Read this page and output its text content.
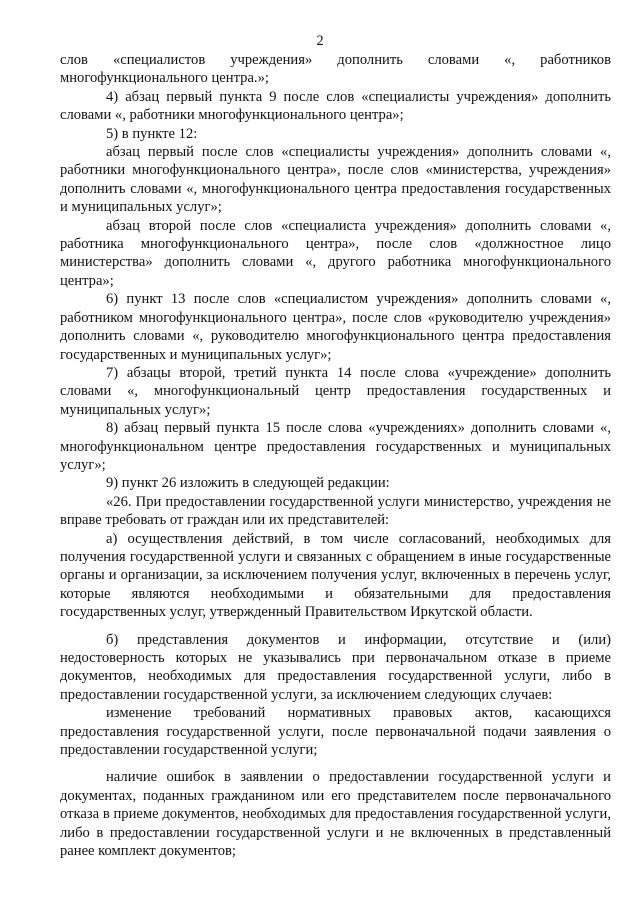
2

слов «специалистов учреждения» дополнить словами «, работников многофункционального центра.»;

4) абзац первый пункта 9 после слов «специалисты учреждения» дополнить словами «, работники многофункционального центра»;

5) в пункте 12:

абзац первый после слов «специалисты учреждения» дополнить словами «, работники многофункционального центра», после слов «министерства, учреждения» дополнить словами «, многофункционального центра предоставления государственных и муниципальных услуг»;

абзац второй после слов «специалиста учреждения» дополнить словами «, работника многофункционального центра», после слов «должностное лицо министерства» дополнить словами «, другого работника многофункционального центра»;

6) пункт 13 после слов «специалистом учреждения» дополнить словами «, работником многофункционального центра», после слов «руководителю учреждения» дополнить словами «, руководителю многофункционального центра предоставления государственных и муниципальных услуг»;

7) абзацы второй, третий пункта 14 после слова «учреждение» дополнить словами «, многофункциональный центр предоставления государственных и муниципальных услуг»;

8) абзац первый пункта 15 после слова «учреждениях» дополнить словами «, многофункциональном центре предоставления государственных и муниципальных услуг»;

9) пункт 26 изложить в следующей редакции:

«26. При предоставлении государственной услуги министерство, учреждения не вправе требовать от граждан или их представителей:

а) осуществления действий, в том числе согласований, необходимых для получения государственной услуги и связанных с обращением в иные государственные органы и организации, за исключением получения услуг, включенных в перечень услуг, которые являются необходимыми и обязательными для предоставления государственных услуг, утвержденный Правительством Иркутской области.

б) представления документов и информации, отсутствие и (или) недостоверность которых не указывались при первоначальном отказе в приеме документов, необходимых для предоставления государственной услуги, либо в предоставлении государственной услуги, за исключением следующих случаев:

изменение требований нормативных правовых актов, касающихся предоставления государственной услуги, после первоначальной подачи заявления о предоставлении государственной услуги;

наличие ошибок в заявлении о предоставлении государственной услуги и документах, поданных гражданином или его представителем после первоначального отказа в приеме документов, необходимых для предоставления государственной услуги, либо в предоставлении государственной услуги и не включенных в представленный ранее комплект документов;
